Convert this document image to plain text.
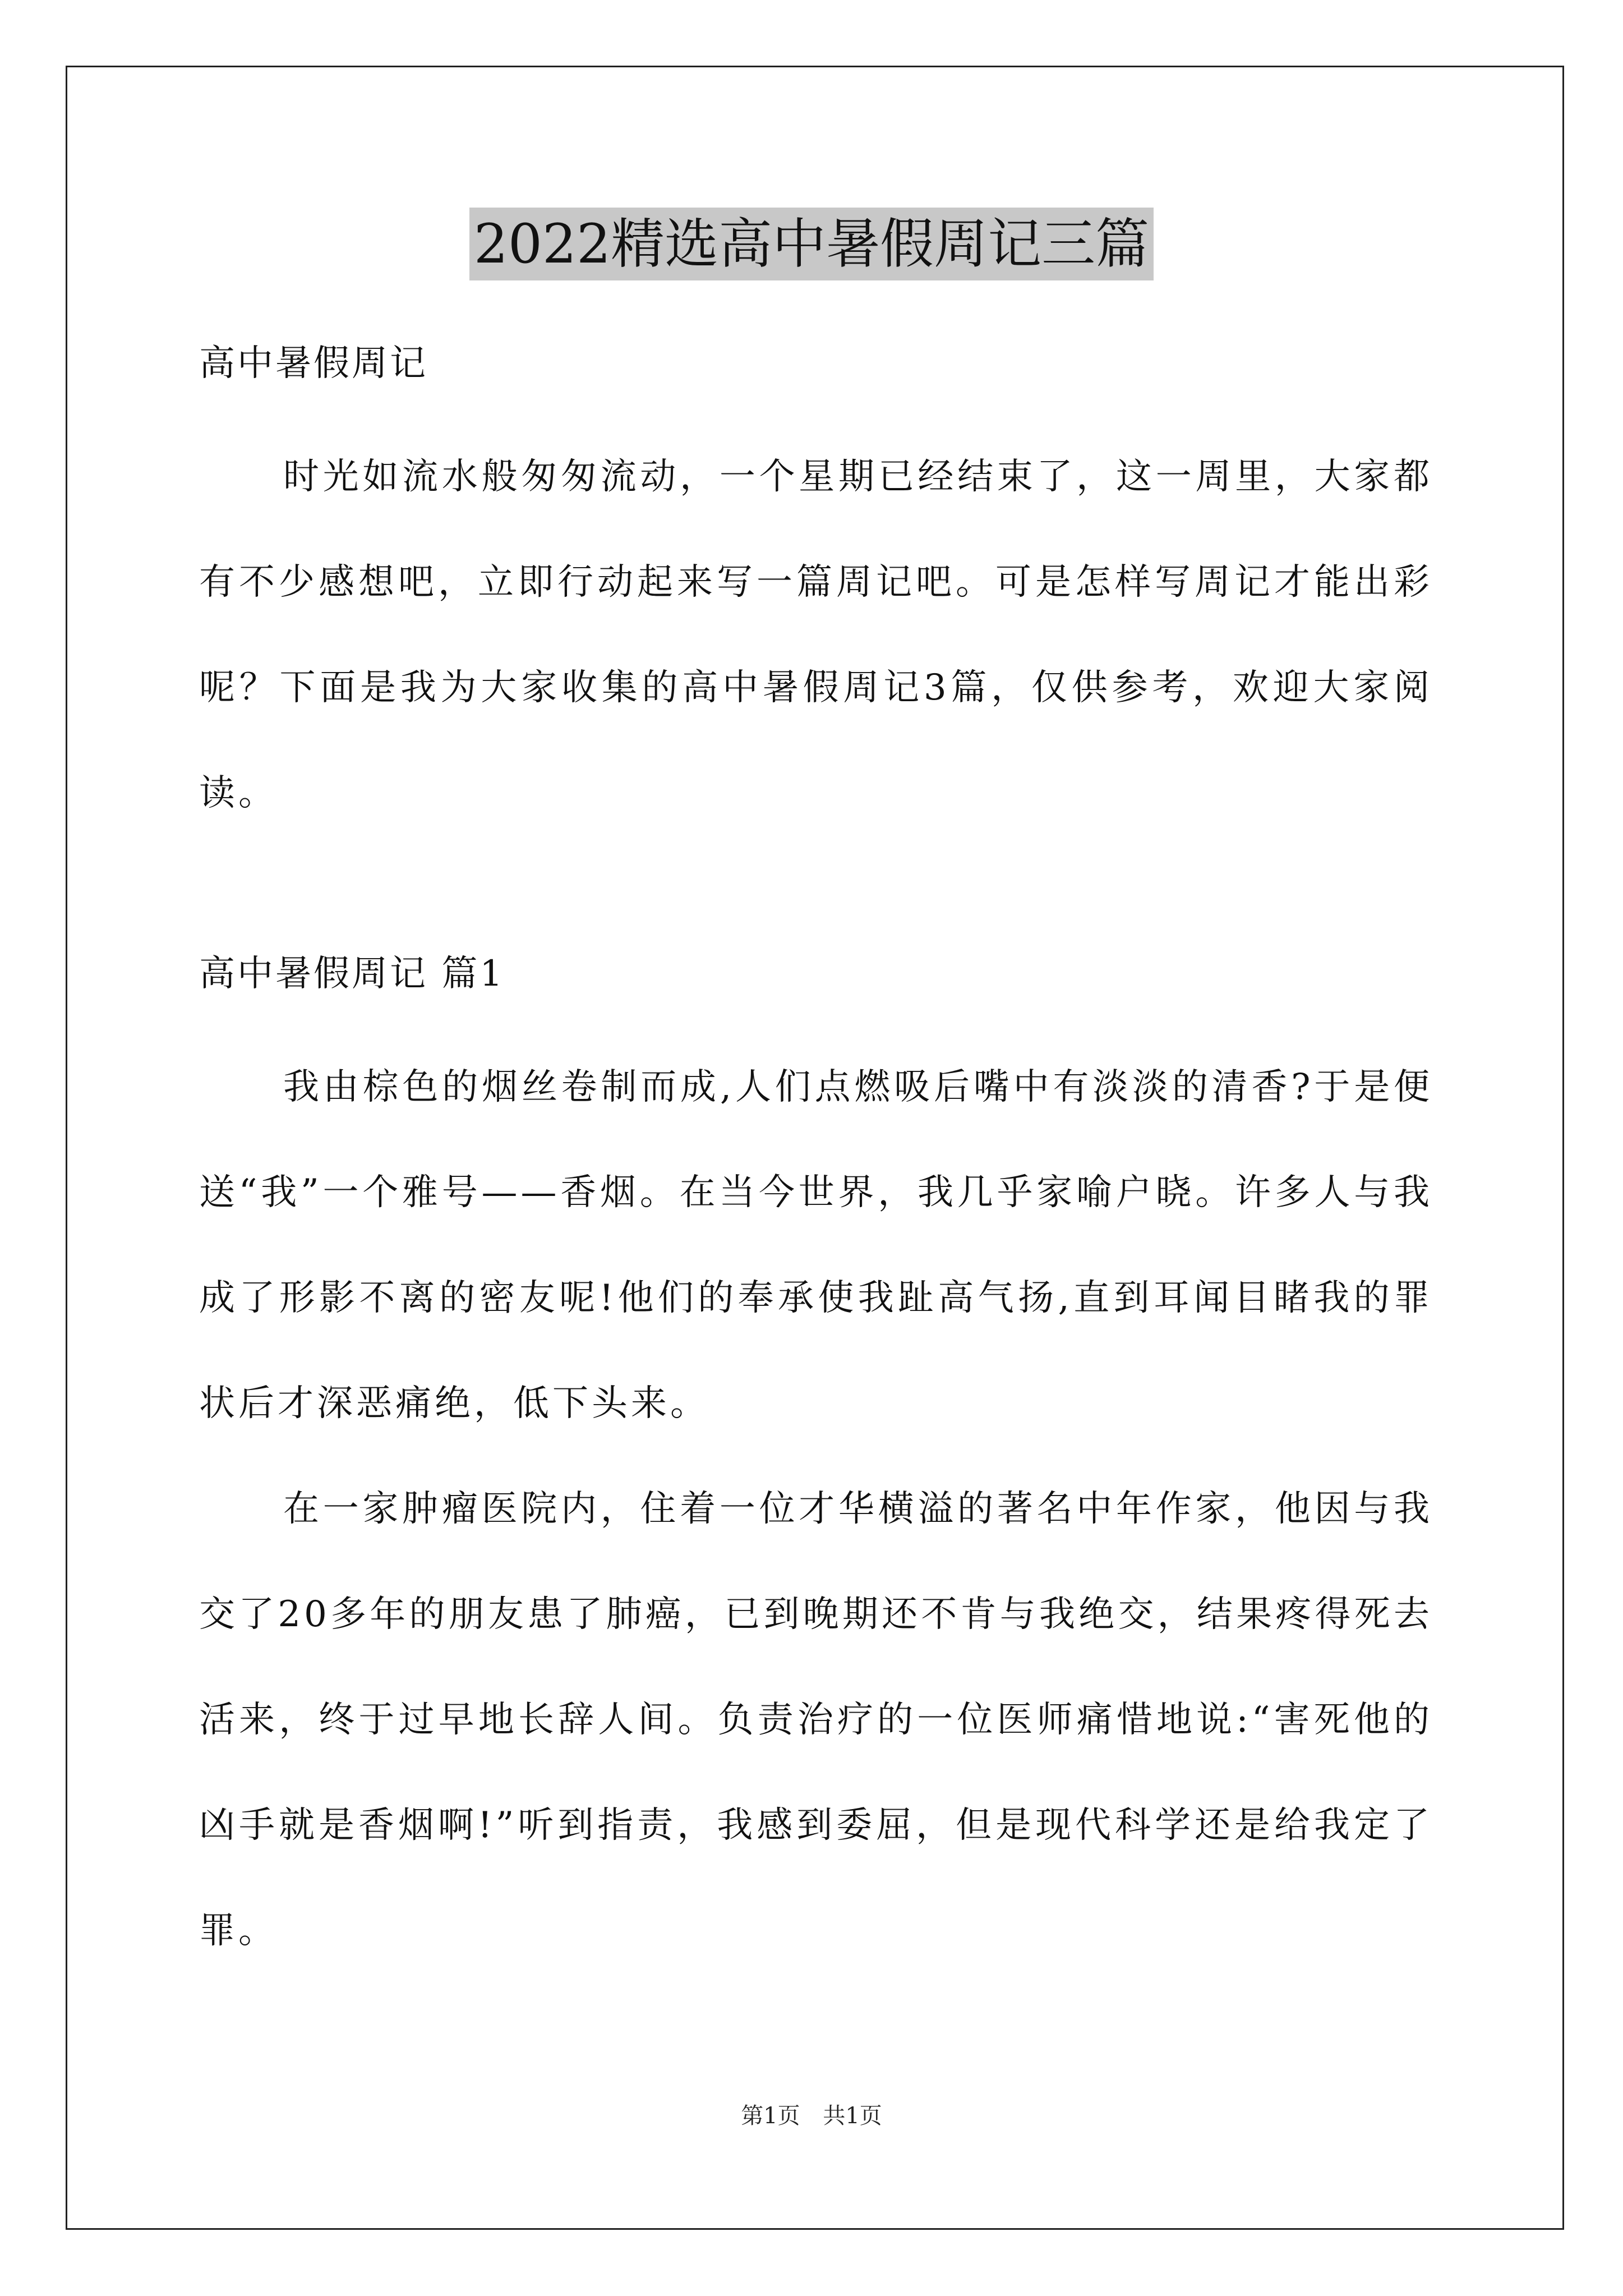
2022精选高中暑假周记三篇
高中暑假周记

时光如流水般匆匆流动，一个星期已经结束了，这一周里，大家都有不少感想吧，立即行动起来写一篇周记吧。可是怎样写周记才能出彩呢？下面是我为大家收集的高中暑假周记3篇，仅供参考，欢迎大家阅读。

高中暑假周记 篇1

我由棕色的烟丝卷制而成,人们点燃吸后嘴中有淡淡的清香?于是便送“我”一个雅号——香烟。在当今世界，我几乎家喻户晓。许多人与我成了形影不离的密友呢!他们的奉承使我趾高气扬,直到耳闻目睹我的罪状后才深恶痛绝，低下头来。

在一家肿瘤医院内，住着一位才华横溢的著名中年作家，他因与我交了20多年的朋友患了肺癌，已到晚期还不肯与我绝交，结果疼得死去活来，终于过早地长辞人间。负责治疗的一位医师痛惜地说:“害死他的凶手就是香烟啊!”听到指责，我感到委屈，但是现代科学还是给我定了罪。

第1页 共1页
